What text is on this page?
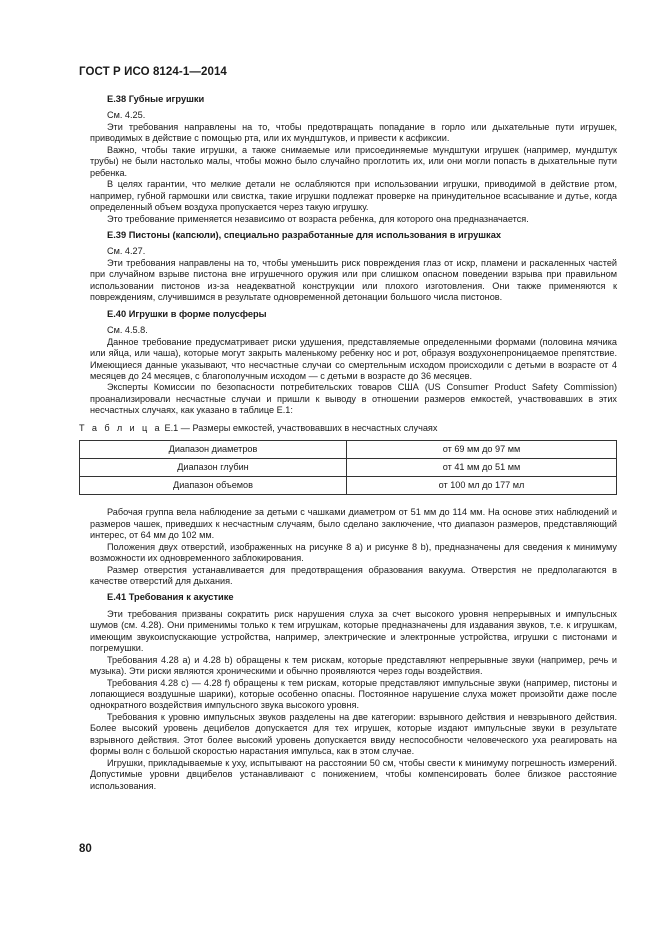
ГОСТ Р ИСО 8124-1—2014
E.38 Губные игрушки

См. 4.25.

Эти требования направлены на то, чтобы предотвращать попадание в горло или дыхательные пути игрушек, приводимых в действие с помощью рта, или их мундштуков, и привести к асфиксии.

Важно, чтобы такие игрушки, а также снимаемые или присоединяемые мундштуки игрушек (например, мундштук трубы) не были настолько малы, чтобы можно было случайно проглотить их, или они могли попасть в дыхательные пути ребенка.

В целях гарантии, что мелкие детали не ослабляются при использовании игрушки, приводимой в действие ртом, например, губной гармошки или свистка, такие игрушки подлежат проверке на принудительное всасывание и дутье, когда определенный объем воздуха пропускается через такую игрушку.

Это требование применяется независимо от возраста ребенка, для которого она предназначается.

E.39 Пистоны (капсюли), специально разработанные для использования в игрушках

См. 4.27.

Эти требования направлены на то, чтобы уменьшить риск повреждения глаз от искр, пламени и раскаленных частей при случайном взрыве пистона вне игрушечного оружия или при слишком опасном поведении взрыва при правильном использовании пистонов из-за неадекватной конструкции или плохого изготовления. Они также применяются к повреждениям, случившимся в результате одновременной детонации большого числа пистонов.

E.40 Игрушки в форме полусферы

См. 4.5.8.

Данное требование предусматривает риски удушения, представляемые определенными формами (половина мячика или яйца, или чаша), которые могут закрыть маленькому ребенку нос и рот, образуя воздухонепроницаемое препятствие. Имеющиеся данные указывают, что несчастные случаи со смертельным исходом происходили с детьми в возрасте от 4 месяцев до 24 месяцев, с благополучным исходом — с детьми в возрасте до 36 месяцев.

Эксперты Комиссии по безопасности потребительских товаров США (US Consumer Product Safety Commission) проанализировали несчастные случаи и пришли к выводу в отношении размеров емкостей, участвовавших в этих несчастных случаях, как указано в таблице Е.1:

Т а б л и ц а Е.1 — Размеры емкостей, участвовавших в несчастных случаях
Диапазон диаметров	от 69 мм до 97 мм
Диапазон глубин	от 41 мм до 51 мм
Диапазон объемов	от 100 мл до 177 мл

Рабочая группа вела наблюдение за детьми с чашками диаметром от 51 мм до 114 мм. На основе этих наблюдений и размеров чашек, приведших к несчастным случаям, было сделано заключение, что диапазон размеров, представляющий интерес, от 64 мм до 102 мм.

Положения двух отверстий, изображенных на рисунке 8 а) и рисунке 8 b), предназначены для сведения к минимуму возможности их одновременного заблокирования.

Размер отверстия устанавливается для предотвращения образования вакуума. Отверстия не предполагаются в качестве отверстий для дыхания.

E.41 Требования к акустике

Эти требования призваны сократить риск нарушения слуха за счет высокого уровня непрерывных и импульсных шумов (см. 4.28). Они применимы только к тем игрушкам, которые предназначены для издавания звуков, т.е. к игрушкам, имеющим звукоиспускающие устройства, например, электрические и электронные устройства, игрушки с пистонами и погремушки.

Требования 4.28 а) и 4.28 b) обращены к тем рискам, которые представляют непрерывные звуки (например, речь и музыка). Эти риски являются хроническими и обычно проявляются через годы воздействия.

Требования 4.28 с) — 4.28 f) обращены к тем рискам, которые представляют импульсные звуки (например, пистоны и лопающиеся воздушные шарики), которые особенно опасны. Постоянное нарушение слуха может произойти даже после однократного воздействия импульсного звука высокого уровня.

Требования к уровню импульсных звуков разделены на две категории: взрывного действия и невзрывного действия. Более высокий уровень децибелов допускается для тех игрушек, которые издают импульсные звуки в результате взрывного действия. Этот более высокий уровень допускается ввиду неспособности человеческого уха реагировать на формы волн с большой скоростью нарастания импульса, как в этом случае.

Игрушки, прикладываемые к уху, испытывают на расстоянии 50 см, чтобы свести к минимуму погрешность измерений. Допустимые уровни двцибелов устанавливают с понижением, чтобы компенсировать более близкое расстояние использования.

80
